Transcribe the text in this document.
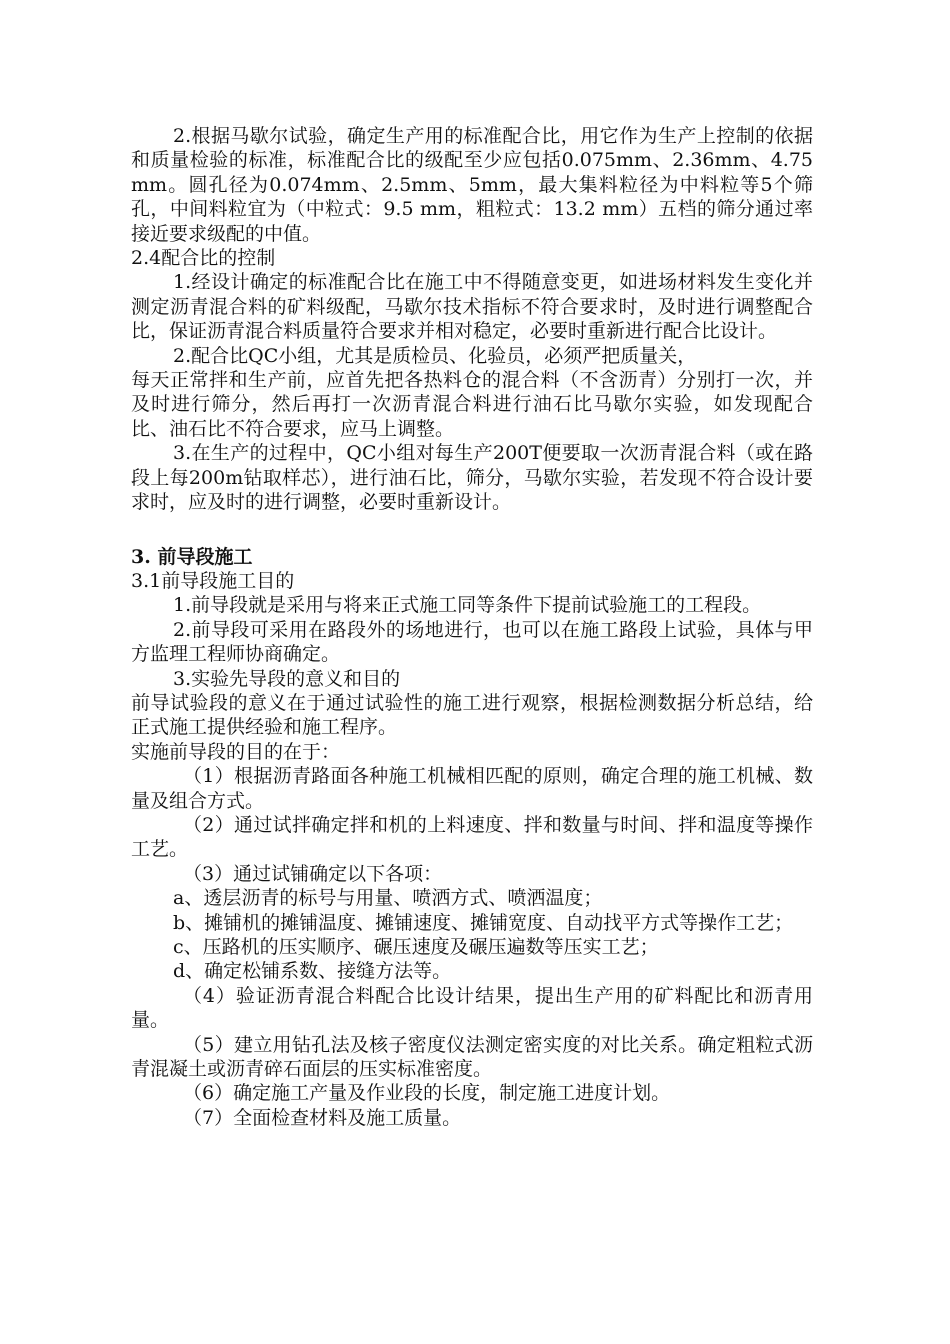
2.根据马歇尔试验，确定生产用的标准配合比，用它作为生产上控制的依据和质量检验的标准，标准配合比的级配至少应包括0.075mm、2.36mm、4.75mm。圆孔径为0.074mm、2.5mm、5mm，最大集料粒径为中料粒等5个筛孔，中间料粒宜为（中粒式：9.5 mm，粗粒式：13.2 mm）五档的筛分通过率接近要求级配的中值。

2.4配合比的控制

1.经设计确定的标准配合比在施工中不得随意变更，如进场材料发生变化并测定沥青混合料的矿料级配，马歇尔技术指标不符合要求时，及时进行调整配合比，保证沥青混合料质量符合要求并相对稳定，必要时重新进行配合比设计。

2.配合比QC小组，尤其是质检员、化验员，必须严把质量关，

每天正常拌和生产前，应首先把各热料仓的混合料（不含沥青）分别打一次，并及时进行筛分，然后再打一次沥青混合料进行油石比马歇尔实验，如发现配合比、油石比不符合要求，应马上调整。

3.在生产的过程中，QC小组对每生产200T便要取一次沥青混合料（或在路段上每200m钻取样芯），进行油石比，筛分，马歇尔实验，若发现不符合设计要求时，应及时的进行调整，必要时重新设计。

3. 前导段施工

3.1前导段施工目的

1.前导段就是采用与将来正式施工同等条件下提前试验施工的工程段。

2.前导段可采用在路段外的场地进行，也可以在施工路段上试验，具体与甲方监理工程师协商确定。

3.实验先导段的意义和目的

前导试验段的意义在于通过试验性的施工进行观察，根据检测数据分析总结，给正式施工提供经验和施工程序。

实施前导段的目的在于：

（1）根据沥青路面各种施工机械相匹配的原则，确定合理的施工机械、数量及组合方式。

（2）通过试拌确定拌和机的上料速度、拌和数量与时间、拌和温度等操作工艺。

（3）通过试铺确定以下各项：

a、透层沥青的标号与用量、喷洒方式、喷洒温度；

b、摊铺机的摊铺温度、摊铺速度、摊铺宽度、自动找平方式等操作工艺；

c、压路机的压实顺序、碾压速度及碾压遍数等压实工艺；

d、确定松铺系数、接缝方法等。

（4）验证沥青混合料配合比设计结果，提出生产用的矿料配比和沥青用量。

（5）建立用钻孔法及核子密度仪法测定密实度的对比关系。确定粗粒式沥青混凝土或沥青碎石面层的压实标准密度。

（6）确定施工产量及作业段的长度，制定施工进度计划。

（7）全面检查材料及施工质量。
